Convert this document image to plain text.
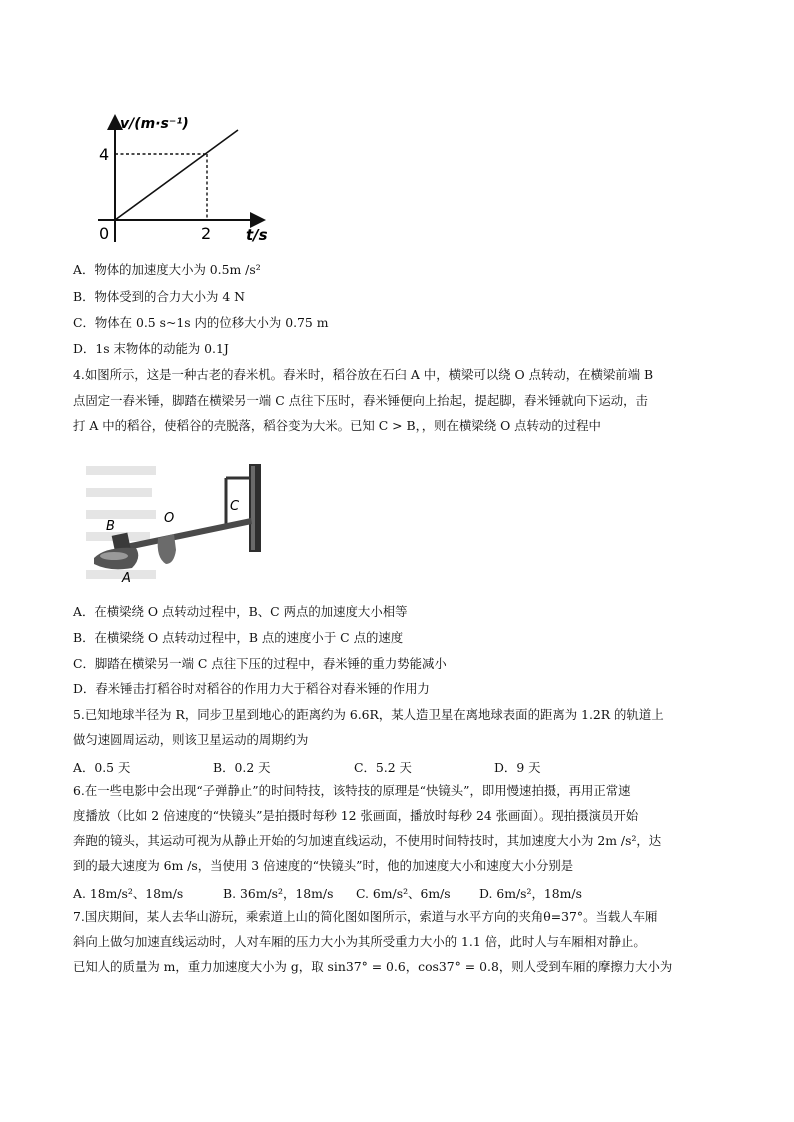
v/(m·s⁻¹)
t/s
4
2
0
A．物体的加速度大小为 0.5m /s²
B．物体受到的合力大小为 4 N
C．物体在 0.5 s~1s 内的位移大小为 0.75 m
D．1s 末物体的动能为 0.1J
4.如图所示，这是一种古老的舂米机。舂米时，稻谷放在石臼 A 中，横梁可以绕 O 点转动，在横梁前端 B
点固定一舂米锤，脚踏在横梁另一端 C 点往下压时，舂米锤便向上抬起，提起脚，舂米锤就向下运动，击
打 A 中的稻谷，使稻谷的壳脱落，稻谷变为大米。已知 C > B，，则在横梁绕 O 点转动的过程中
B
O
C
A
A．在横梁绕 O 点转动过程中，B、C 两点的加速度大小相等
B．在横梁绕 O 点转动过程中，B 点的速度小于 C 点的速度
C．脚踏在横梁另一端 C 点往下压的过程中，舂米锤的重力势能减小
D．舂米锤击打稻谷时对稻谷的作用力大于稻谷对舂米锤的作用力
5.已知地球半径为 R，同步卫星到地心的距离约为 6.6R，某人造卫星在离地球表面的距离为 1.2R 的轨道上
做匀速圆周运动，则该卫星运动的周期约为
A．0.5 天	B．0.2 天	C．5.2 天	D．9 天
6.在一些电影中会出现“子弹静止”的时间特技，该特技的原理是“快镜头”，即用慢速拍摄，再用正常速
度播放（比如 2 倍速度的“快镜头”是拍摄时每秒 12 张画面，播放时每秒 24 张画面）。现拍摄演员开始
奔跑的镜头，其运动可视为从静止开始的匀加速直线运动，不使用时间特技时，其加速度大小为 2m /s²，达
到的最大速度为 6m /s，当使用 3 倍速度的“快镜头”时，他的加速度大小和速度大小分别是
A. 18m/s²、18m/s	B. 36m/s²，18m/s C. 6m/s²、6m/s D. 6m/s²，18m/s
7.国庆期间，某人去华山游玩，乘索道上山的简化图如图所示，索道与水平方向的夹角θ=37°。当载人车厢
斜向上做匀加速直线运动时，人对车厢的压力大小为其所受重力大小的 1.1 倍，此时人与车厢相对静止。
已知人的质量为 m，重力加速度大小为 g，取 sin37° = 0.6，cos37° = 0.8，则人受到车厢的摩擦力大小为
